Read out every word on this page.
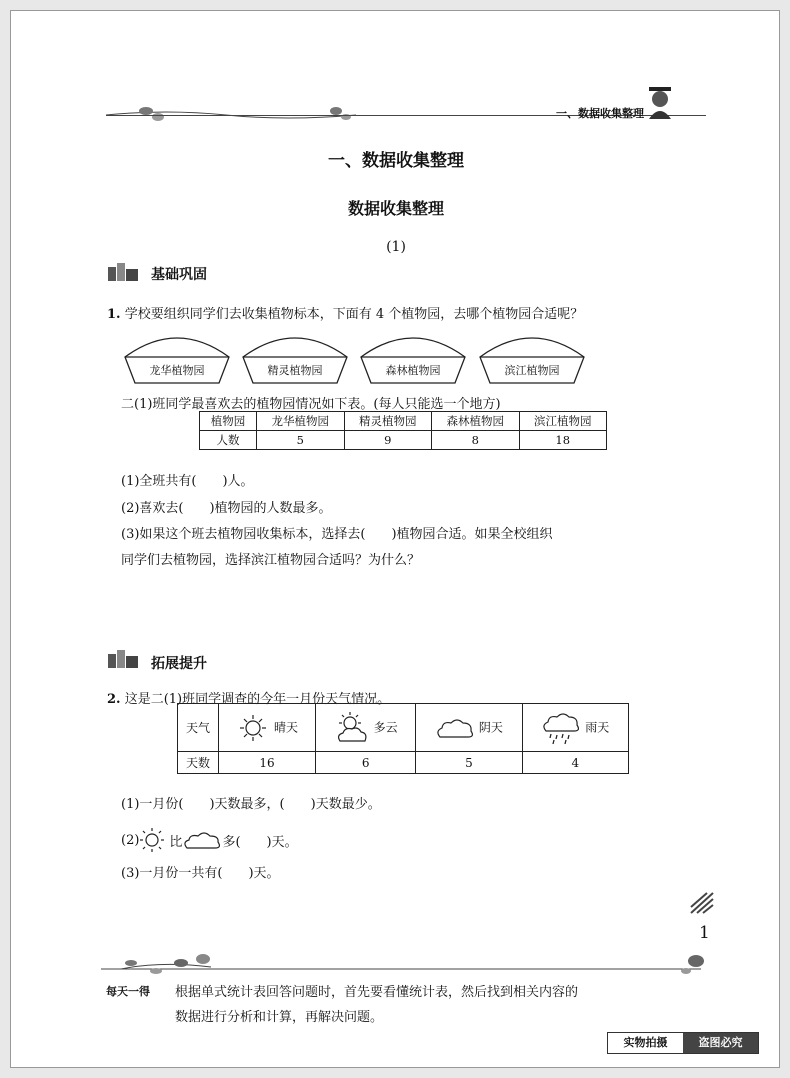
一、数据收集整理
一、数据收集整理
数据收集整理
(1)
基础巩固
1. 学校要组织同学们去收集植物标本，下面有 4 个植物园，去哪个植物园合适呢？
龙华植物园	精灵植物园	森林植物园	滨江植物园
二(1)班同学最喜欢去的植物园情况如下表。(每人只能选一个地方)
植物园	龙华植物园	精灵植物园	森林植物园	滨江植物园
人数	5	9	8	18
(1)全班共有(　　)人。
(2)喜欢去(　　)植物园的人数最多。
(3)如果这个班去植物园收集标本，选择去(　　)植物园合适。如果全校组织
同学们去植物园，选择滨江植物园合适吗？为什么？
拓展提升
2. 这是二(1)班同学调查的今年一月份天气情况。
天气	晴天	多云	阴天	雨天
天数	16	6	5	4
(1)一月份(　　)天数最多，(　　)天数最少。
(2) 比	多(　　)天。
(3)一月份一共有(　　)天。
1
每天一得 根据单式统计表回答问题时，首先要看懂统计表，然后找到相关内容的
数据进行分析和计算，再解决问题。
实物拍摄	盗图必究
